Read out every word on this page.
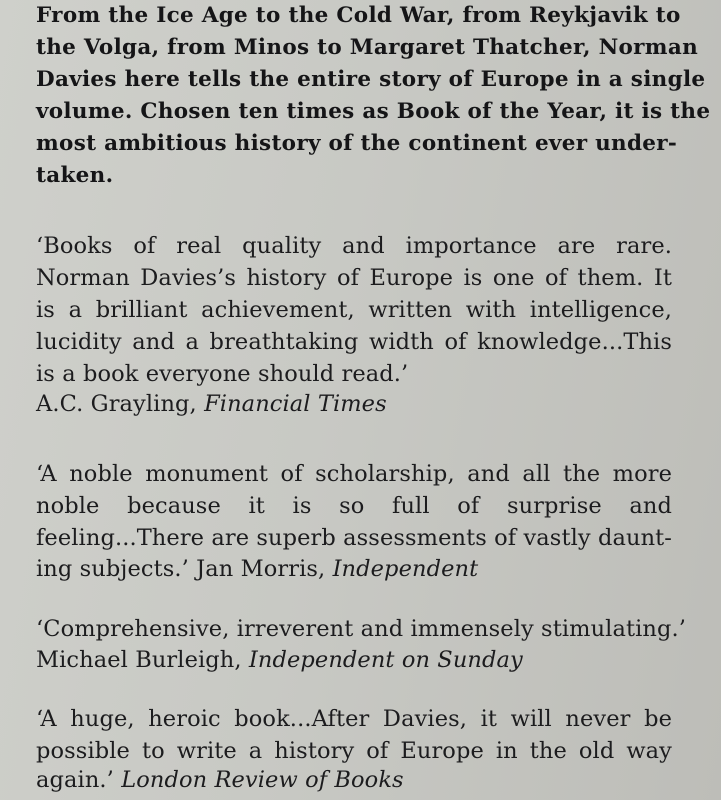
From the Ice Age to the Cold War, from Reykjavik to
the Volga, from Minos to Margaret Thatcher, Norman
Davies here tells the entire story of Europe in a single
volume. Chosen ten times as Book of the Year, it is the
most ambitious history of the continent ever under-
taken.
‘Books of real quality and importance are rare.
Norman Davies’s history of Europe is one of them. It
is a brilliant achievement, written with intelligence,
lucidity and a breathtaking width of knowledge...This
is a book everyone should read.’
A.C. Grayling, Financial Times
‘A noble monument of scholarship, and all the more
noble because it is so full of surprise and
feeling...There are superb assessments of vastly daunt-
ing subjects.’ Jan Morris, Independent
‘Comprehensive, irreverent and immensely stimulating.’
Michael Burleigh, Independent on Sunday
‘A huge, heroic book...After Davies, it will never be
possible to write a history of Europe in the old way
again.’ London Review of Books
